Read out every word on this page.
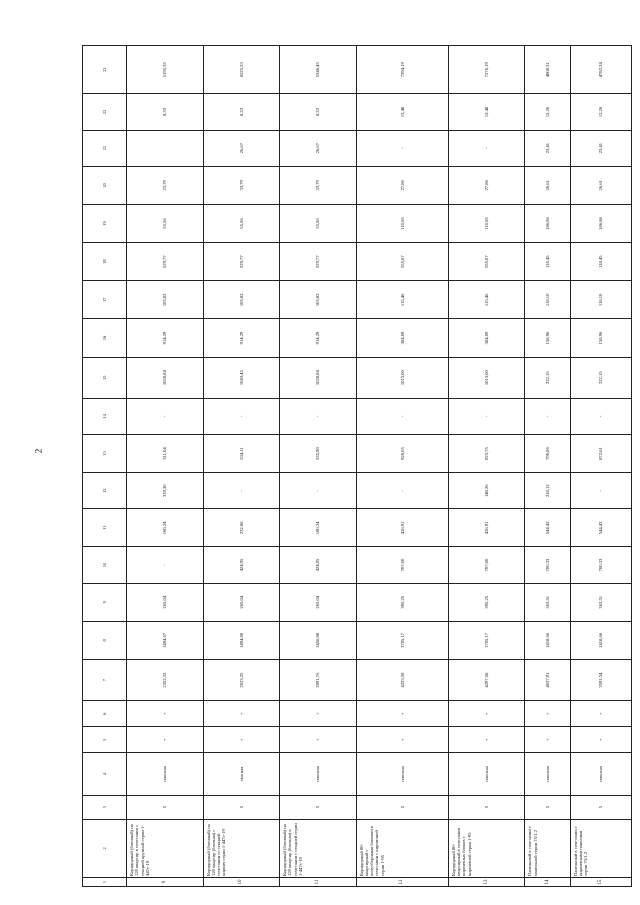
2
1	2	3	4	5	6	7	8	9	10	11	12	13	14	15	16	17	18	19	20	21	22	23
9	Коридорный (блочный) на 120 квартир в сочетании с секцией крупной серии 1-447с-19	5	плоская	+	+	2352,33	1494,67	265,04	-	180,24	319,36	311,04	-	1028,84	914,29	103,82	529,77	55,56	23,79		8,33	5195,35
10	Коридорный (блочный) на 120 квартир (блочная) с сочетании со секцией кирпич серии 1-447с-19	5	скатная	+	+	2023,25	1494,88	265,04	424,95	232,86	-	534,11	-	1043,45	914,29	103,82	529,77	55,56	33,79	26,67	8,33	6525,53
11	Коридорный (блочный) на 120 квартир (блочная) в сочетании с секцией серии 1-447с-19	5	плоская	+	+	2091,76	1456,88	265,04	424,95	180,24	-	535,90	-	1028,84	914,29	103,82	529,77	55,56	33,79	26,67	8,33	5346,45
12	Коридорный 80-квартирный с полусборными блоками в сочетании с кирпичной серии 1-95	5	плоская	+	+	4325,58	1705,17	395,25	707,00	426,91	-	928,05	-	1013,00	384,09	115,46	555,07	110,65	27,86	-	13,48	7294,19
13	Коридорный 80-квартирный в сочетании кирпичных блоков с кирпичной серии 1-95	5	плоская	+	+	4297,58	1705,17	395,25	707,00	426,91	148,26	823,75	-	1013,00	384,09	115,46	555,07	110,65	27,86	-	13,48	7276,19
14	Панельный в сочетании с панельной серии 75/1.2	5	плоская	+	+	4037,91	1418,66	363,51	700,33	544,43	218,12	790,86	-	222,15	158,96	118,10	118,45	186,86	26,61	23,41	12,26	4808,31
15	Панельный в сочетании с кирпичными панелями серии 75/1.2	5	плоская	+	+	3591,34	1418,66	363,51	700,33	544,43	-	872,61	-	222,15	158,96	118,10	118,45	186,86	26,61	23,41	12,26	4782,34
